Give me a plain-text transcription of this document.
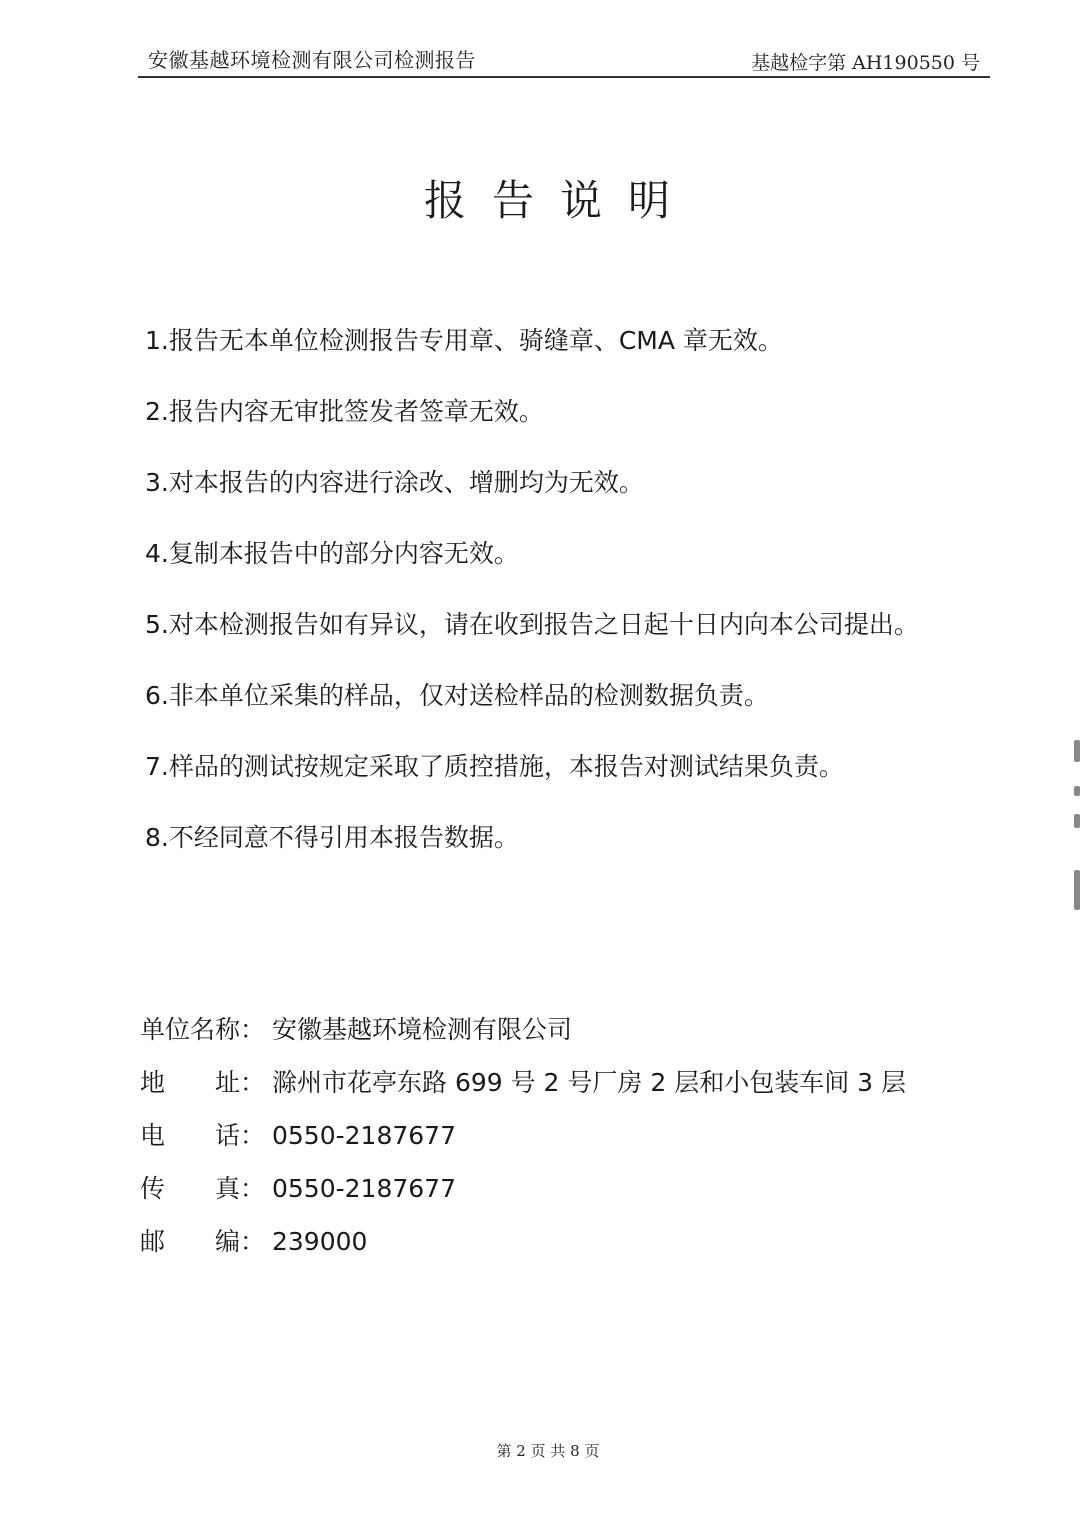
安徽基越环境检测有限公司检测报告	基越检字第 AH190550 号
报告说明
1.报告无本单位检测报告专用章、骑缝章、CMA 章无效。
2.报告内容无审批签发者签章无效。
3.对本报告的内容进行涂改、增删均为无效。
4.复制本报告中的部分内容无效。
5.对本检测报告如有异议，请在收到报告之日起十日内向本公司提出。
6.非本单位采集的样品，仅对送检样品的检测数据负责。
7.样品的测试按规定采取了质控措施，本报告对测试结果负责。
8.不经同意不得引用本报告数据。
单位名称： 安徽基越环境检测有限公司
地　　址： 滁州市花亭东路 699 号 2 号厂房 2 层和小包装车间 3 层
电　　话： 0550-2187677
传　　真： 0550-2187677
邮　　编： 239000
第 2 页 共 8 页
